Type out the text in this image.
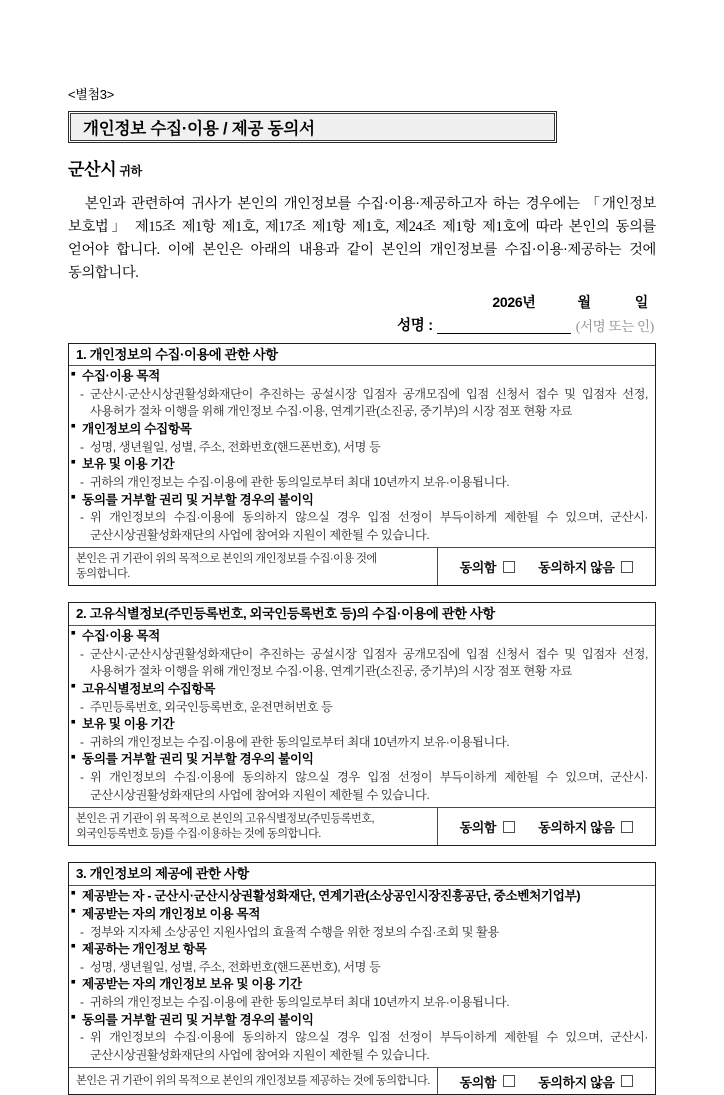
<별첨3>
개인정보 수집·이용 / 제공 동의서
군산시 귀하

본인과 관련하여 귀사가 본인의 개인정보를 수집·이용·제공하고자 하는 경우에는 「개인정보 보호법」 제15조 제1항 제1호, 제17조 제1항 제1호, 제24조 제1항 제1호에 따라 본인의 동의를 얻어야 합니다. 이에 본인은 아래의 내용과 같이 본인의 개인정보를 수집·이용·제공하는 것에 동의합니다.

2026년	월	일
성명 :	(서명 또는 인)
1. 개인정보의 수집·이용에 관한 사항
■ 수집·이용 목적
- 군산시·군산시상권활성화재단이 추진하는 공설시장 입점자 공개모집에 입점 신청서 접수 및 입점자 선정, 사용허가 절차 이행을 위해 개인정보 수집·이용, 연계기관(소진공, 중기부)의 시장 점포 현황 자료
■ 개인정보의 수집항목
- 성명, 생년월일, 성별, 주소, 전화번호(핸드폰번호), 서명 등
■ 보유 및 이용 기간
- 귀하의 개인정보는 수집·이용에 관한 동의일로부터 최대 10년까지 보유·이용됩니다.
■ 동의를 거부할 권리 및 거부할 경우의 불이익
- 위 개인정보의 수집·이용에 동의하지 않으실 경우 입점 선정이 부득이하게 제한될 수 있으며, 군산시·군산시상권활성화재단의 사업에 참여와 지원이 제한될 수 있습니다.
본인은 귀 기관이 위의 목적으로 본인의 개인정보를 수집·이용 것에 동의합니다.	동의함	동의하지 않음
2. 고유식별정보(주민등록번호, 외국인등록번호 등)의 수집·이용에 관한 사항
■ 수집·이용 목적
- 군산시·군산시상권활성화재단이 추진하는 공설시장 입점자 공개모집에 입점 신청서 접수 및 입점자 선정, 사용허가 절차 이행을 위해 개인정보 수집·이용, 연계기관(소진공, 중기부)의 시장 점포 현황 자료
■ 고유식별정보의 수집항목
- 주민등록번호, 외국인등록번호, 운전면허번호 등
■ 보유 및 이용 기간
- 귀하의 개인정보는 수집·이용에 관한 동의일로부터 최대 10년까지 보유·이용됩니다.
■ 동의를 거부할 권리 및 거부할 경우의 불이익
- 위 개인정보의 수집·이용에 동의하지 않으실 경우 입점 선정이 부득이하게 제한될 수 있으며, 군산시·군산시상권활성화재단의 사업에 참여와 지원이 제한될 수 있습니다.
본인은 귀 기관이 위 목적으로 본인의 고유식별정보(주민등록번호, 외국인등록번호 등)를 수집·이용하는 것에 동의합니다.	동의함	동의하지 않음
3. 개인정보의 제공에 관한 사항
■ 제공받는 자 - 군산시·군산시상권활성화재단, 연계기관(소상공인시장진흥공단, 중소벤처기업부)
■ 제공받는 자의 개인정보 이용 목적
- 정부와 지자체 소상공인 지원사업의 효율적 수행을 위한 정보의 수집·조회 및 활용
■ 제공하는 개인정보 항목
- 성명, 생년월일, 성별, 주소, 전화번호(핸드폰번호), 서명 등
■ 제공받는 자의 개인정보 보유 및 이용 기간
- 귀하의 개인정보는 수집·이용에 관한 동의일로부터 최대 10년까지 보유·이용됩니다.
■ 동의를 거부할 권리 및 거부할 경우의 불이익
- 위 개인정보의 수집·이용에 동의하지 않으실 경우 입점 선정이 부득이하게 제한될 수 있으며, 군산시·군산시상권활성화재단의 사업에 참여와 지원이 제한될 수 있습니다.
본인은 귀 기관이 위의 목적으로 본인의 개인정보를 제공하는 것에 동의합니다.	동의함	동의하지 않음
